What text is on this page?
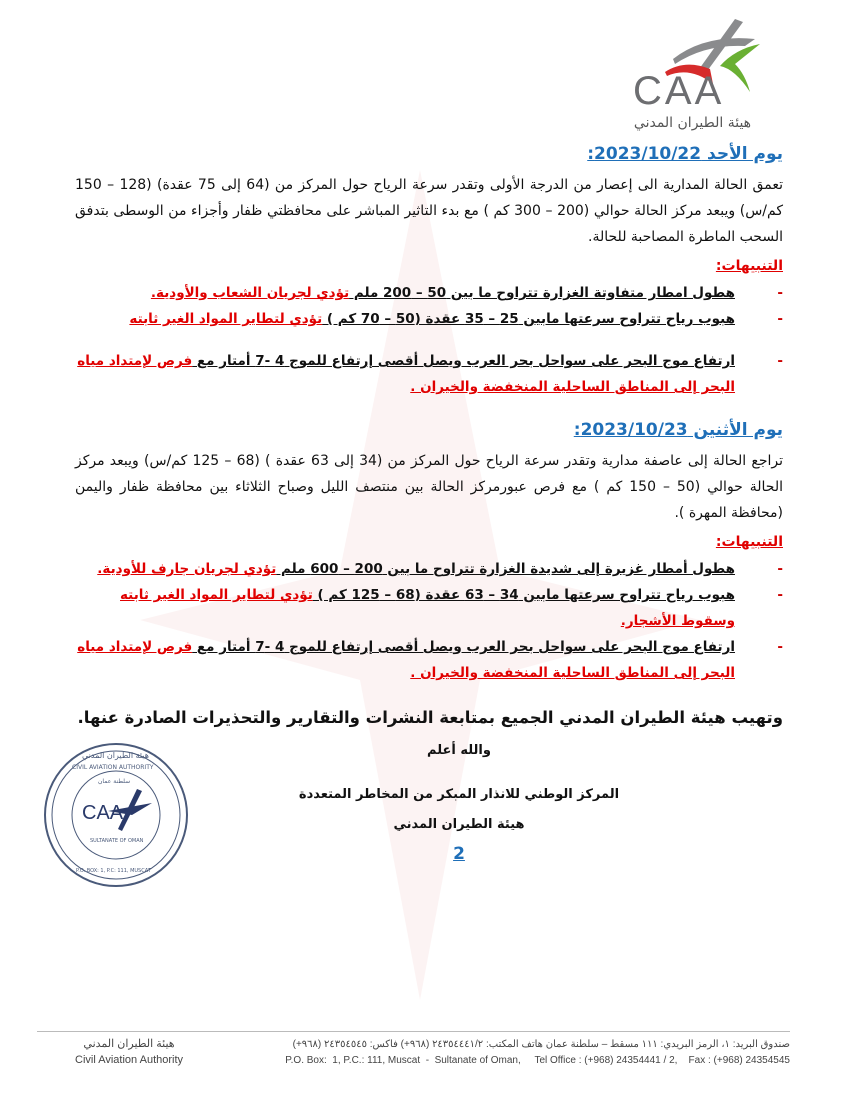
CAA
هيئة الطيران المدني
يوم الأحد 2023/10/22:
تعمق الحالة المدارية الى إعصار من الدرجة الأولى وتقدر سرعة الرياح حول المركز من (64 إلى 75 عقدة) (128 – 150 كم/س) ويبعد مركز الحالة حوالي (200 – 300 كم ) مع بدء التاثير المباشر على محافظتي ظفار وأجزاء من الوسطى بتدفق السحب الماطرة المصاحبة للحالة.
التنبيهات:
-
هطول امطار متفاوتة الغزارة تتراوح ما بين 50 – 200 ملم تؤدي لجريان الشعاب والأودية.
-
هبوب رياح تتراوح سرعتها مابين 25 – 35 عقدة (50 – 70 كم ) تؤدي لتطاير المواد الغير ثابته
-
ارتفاع موج البحر على سواحل بحر العرب ويصل أقصى إرتفاع للموج 4 -7 أمتار مع فرص لإمتداد مياه البحر إلى المناطق الساحلية المنخفضة والخيران .
يوم الأثنين 2023/10/23:
تراجع الحالة إلى عاصفة مدارية وتقدر سرعة الرياح حول المركز من (34 إلى 63 عقدة ) (68 – 125 كم/س) ويبعد مركز الحالة حوالي (50 – 150 كم ) مع فرص عبورمركز الحالة بين منتصف الليل وصباح الثلاثاء بين محافظة ظفار واليمن (محافظة المهرة ).
التنبيهات:
-
هطول أمطار غزيرة إلى شديدة الغزارة تتراوح ما بين 200 – 600 ملم تؤدي لجريان جارف للأودية.
-
هبوب رياح تتراوح سرعتها مابين 34 – 63 عقدة (68 – 125 كم ) تؤدي لتطاير المواد الغير ثابته وسقوط الأشجار.
-
ارتفاع موج البحر على سواحل بحر العرب ويصل أقصى إرتفاع للموج 4 -7 أمتار مع فرص لإمتداد مياه البحر إلى المناطق الساحلية المنخفضة والخيران .
وتهيب هيئة الطيران المدني الجميع بمتابعة النشرات والتقارير والتحذيرات الصادرة عنها.
والله أعلم
المركز الوطني للانذار المبكر من المخاطر المتعددة
هيئة الطيران المدني
2
هيئة الطيران المدني
CIVIL AVIATION AUTHORITY
سلطنة عمان
CAA
SULTANATE OF OMAN
P.O. BOX: 1, P.C: 111, MUSCAT
هيئة الطيران المدني
Civil Aviation Authority
صندوق البريد: ١، الرمز البريدي: ١١١ مسقط – سلطنة عمان هاتف المكتب: ٢٤٣٥٤٤٤١/٢ (٩٦٨+) فاكس: ٢٤٣٥٤٥٤٥ (٩٦٨+)
P.O. Box:  1, P.C.: 111, Muscat  -  Sultanate of Oman,     Tel Office : (+968) 24354441 / 2,    Fax : (+968) 24354545
